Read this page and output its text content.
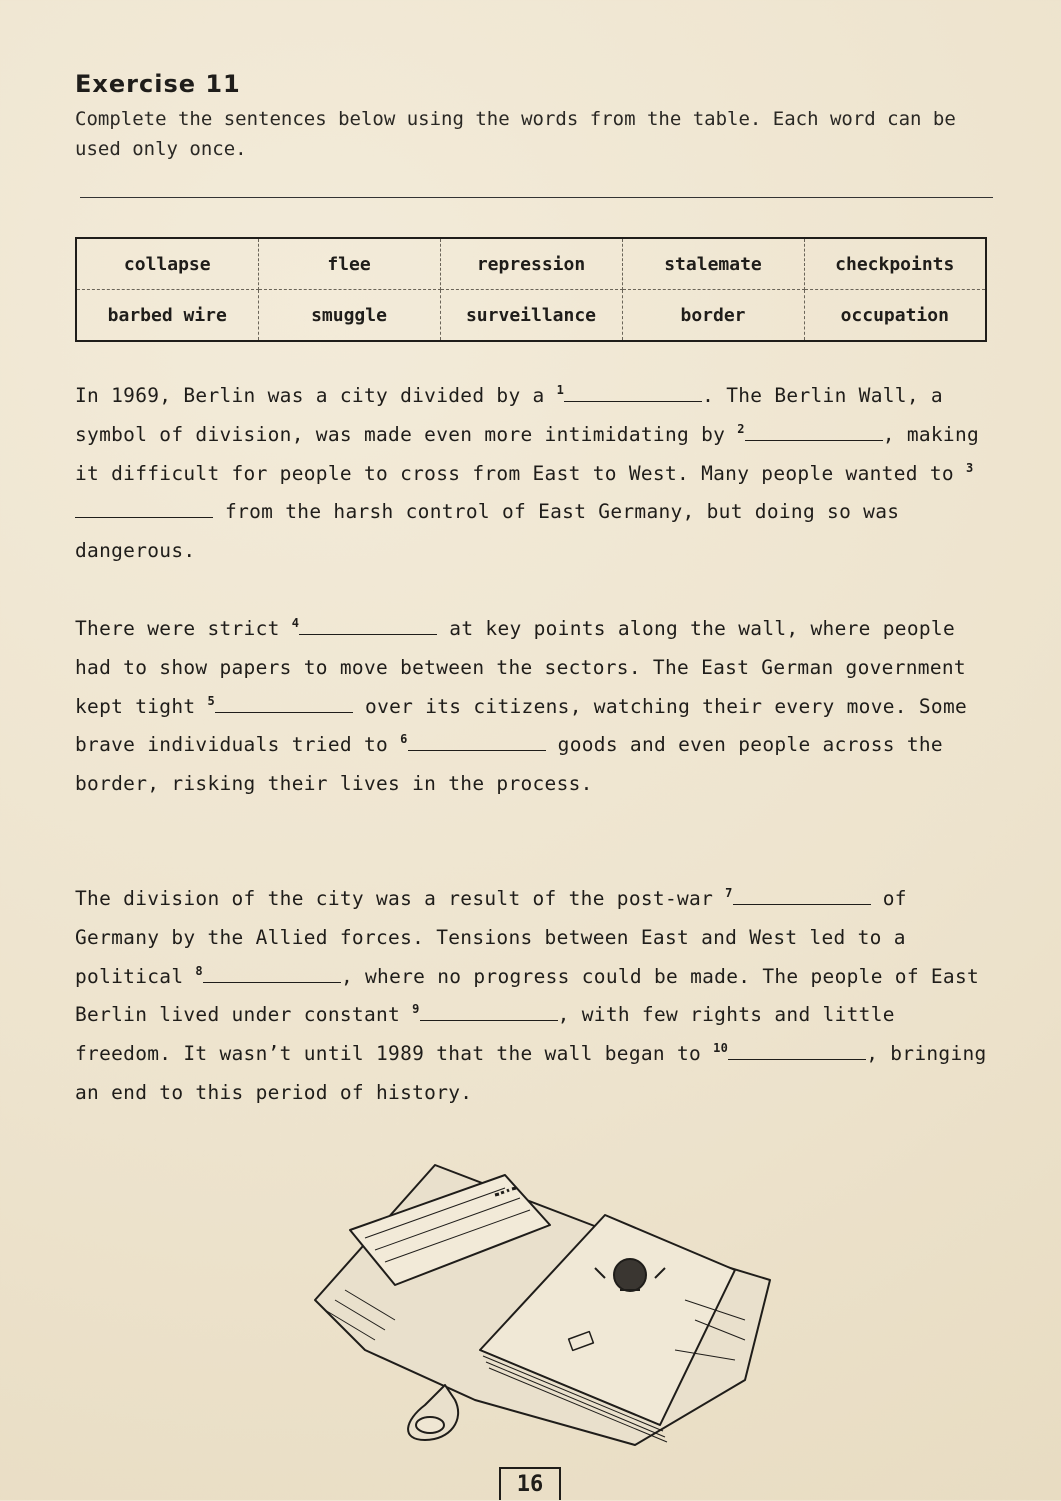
Exercise 11
Complete the sentences below using the words from the table. Each word can be used only once.
collapse	flee	repression	stalemate	checkpoints
barbed wire	smuggle	surveillance	border	occupation

In 1969, Berlin was a city divided by a $^1$	. The Berlin Wall, a symbol of division, was made even more intimidating by $^2$	, making it difficult for people to cross from East to West. Many people wanted to $^3$ from the harsh control of East Germany, but doing so was dangerous.

There were strict $^4$	at key points along the wall, where people had to show papers to move between the sectors. The East German government kept tight $^5$	over its citizens, watching their every move. Some brave individuals tried to $^6$	goods and even people across the border, risking their lives in the process.

The division of the city was a result of the post-war $^7$	of Germany by the Allied forces. Tensions between East and West led to a political $^8$	, where no progress could be made. The people of East Berlin lived under constant $^9$	, with few rights and little freedom. It wasn’t until 1989 that the wall began to $^{10}$	, bringing an end to this period of history.

16
